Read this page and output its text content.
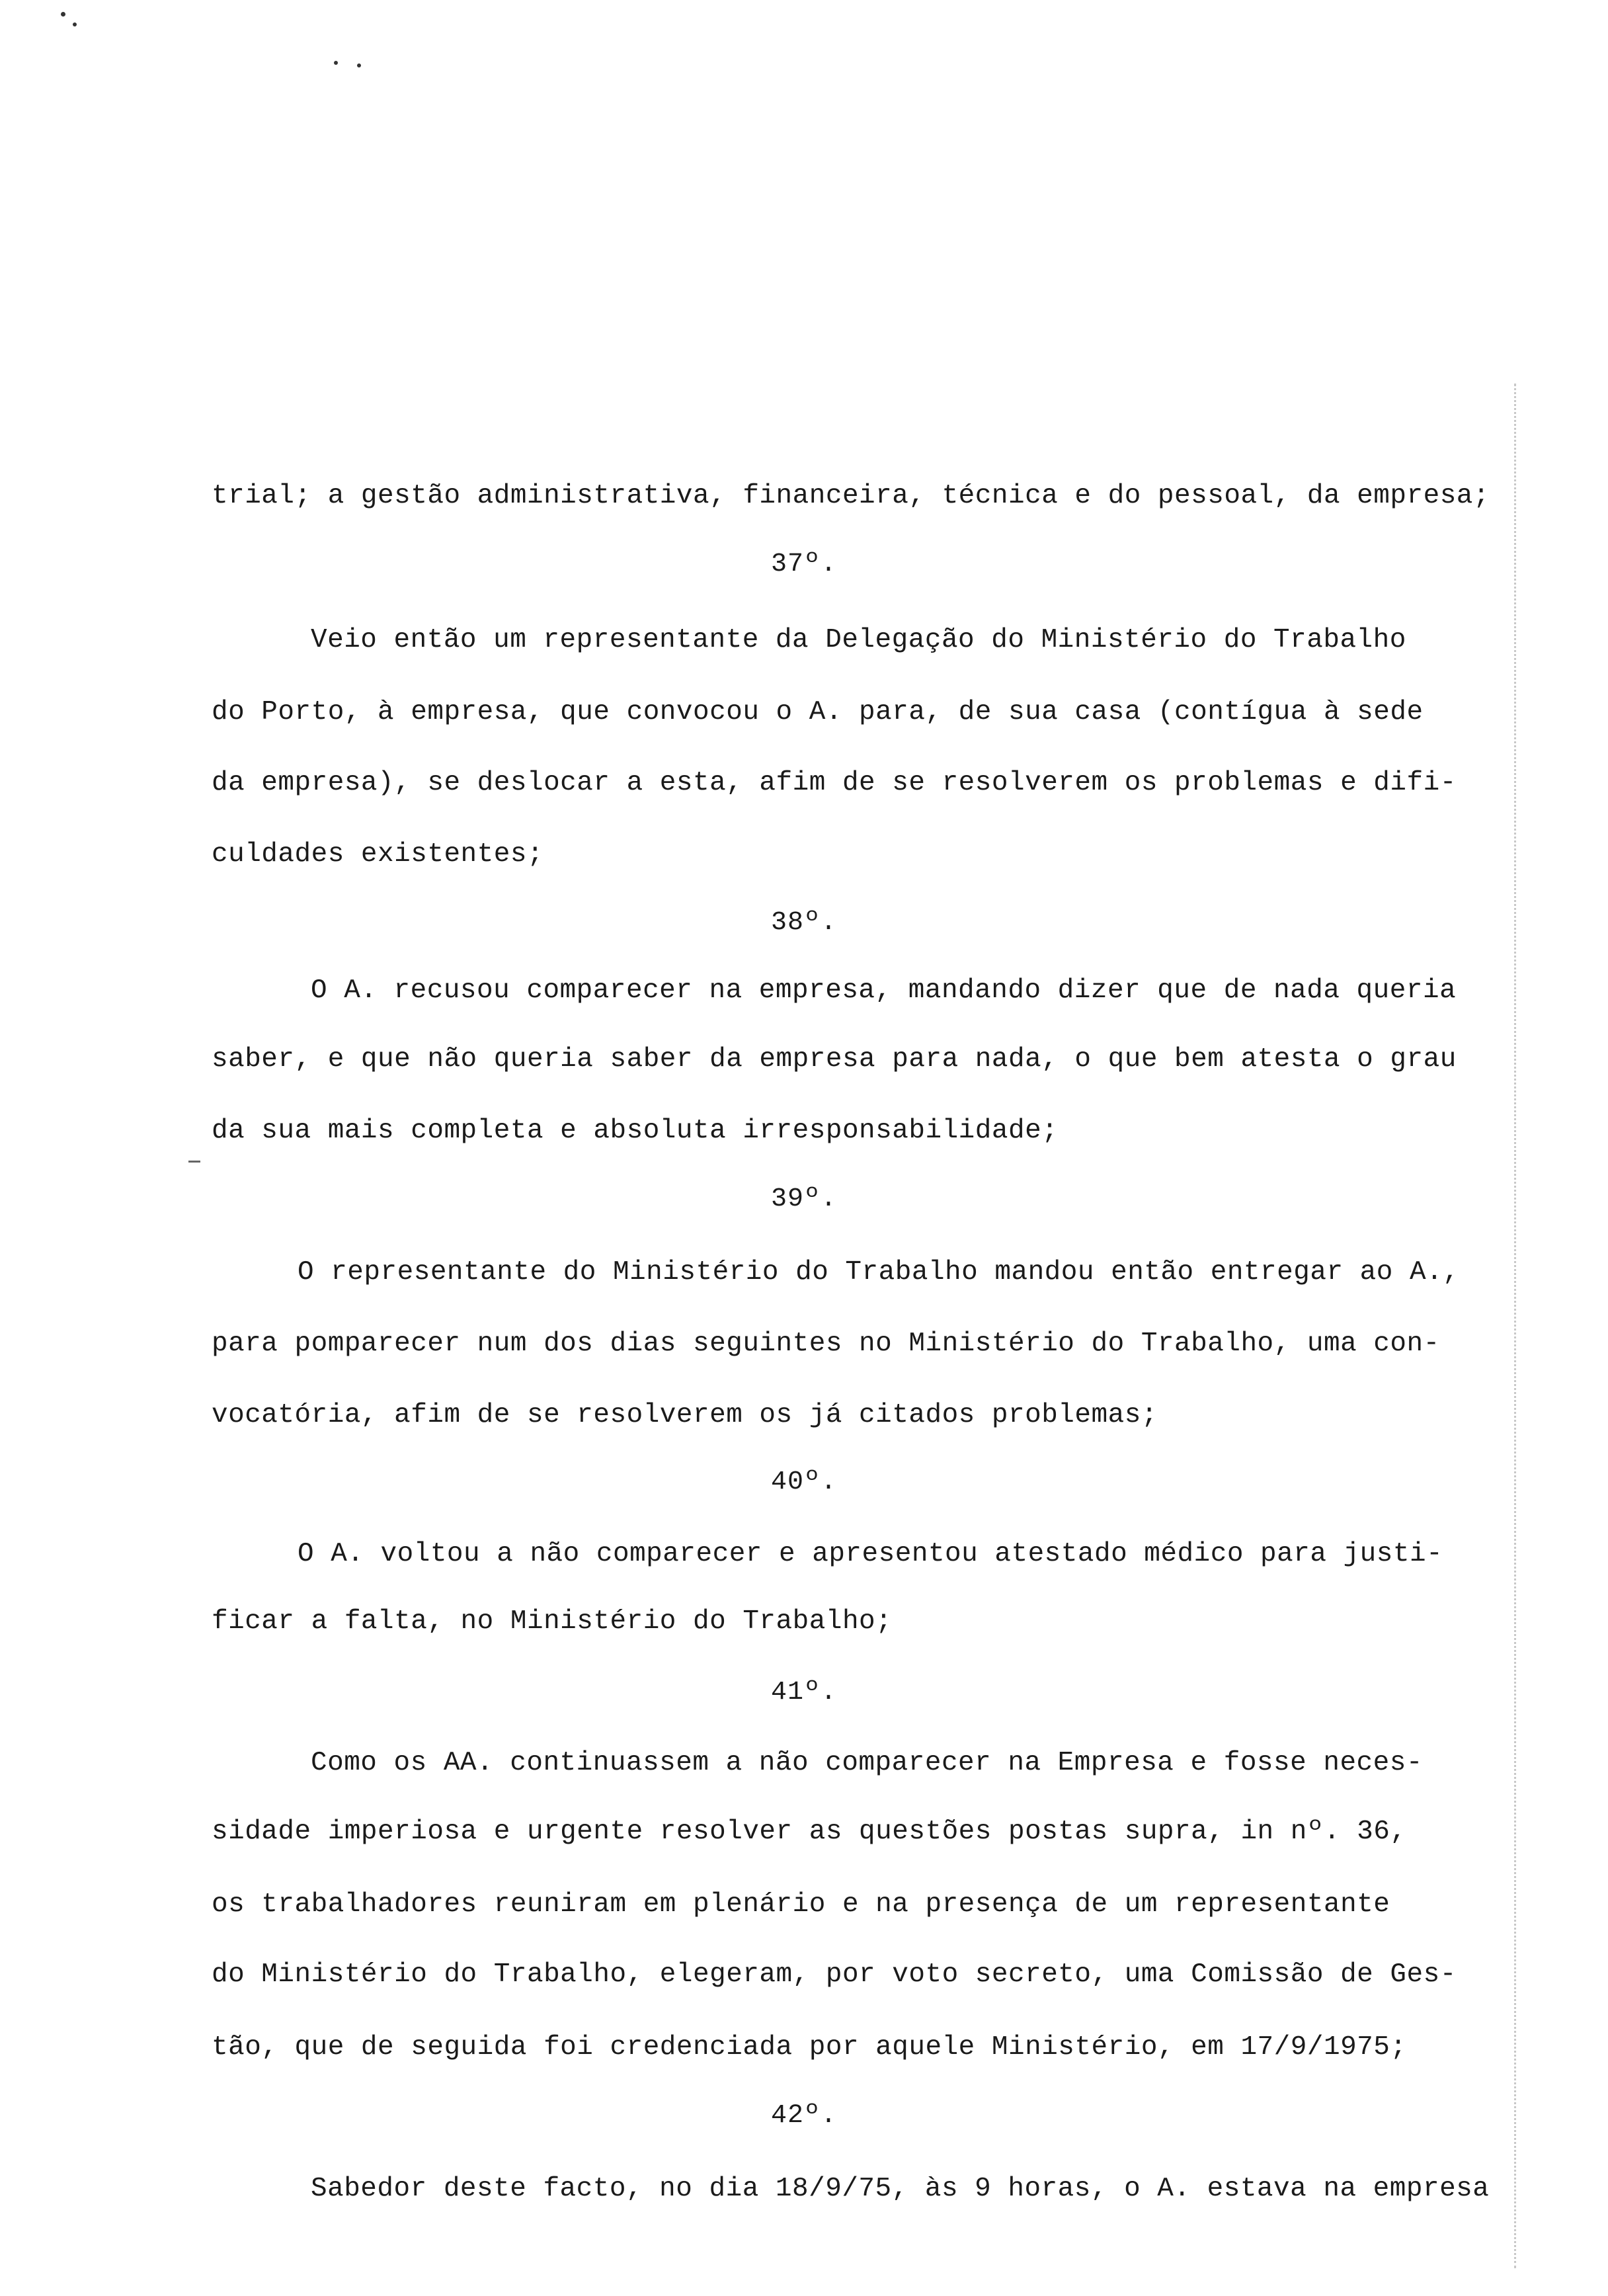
trial; a gestão administrativa, financeira, técnica e do pessoal, da empresa;
37º.
Veio então um representante da Delegação do Ministério do Trabalho
do Porto, à empresa, que convocou o A. para, de sua casa (contígua à sede
da empresa), se deslocar a esta, afim de se resolverem os problemas e difi-
culdades existentes;
38º.
O A. recusou comparecer na empresa, mandando dizer que de nada queria
saber, e que não queria saber da empresa para nada, o que bem atesta o grau
da sua mais completa e absoluta irresponsabilidade;
39º.
O representante do Ministério do Trabalho mandou então entregar ao A.,
para pomparecer num dos dias seguintes no Ministério do Trabalho, uma con-
vocatória, afim de se resolverem os já citados problemas;
40º.
O A. voltou a não comparecer e apresentou atestado médico para justi-
ficar a falta, no Ministério do Trabalho;
41º.
Como os AA. continuassem a não comparecer na Empresa e fosse neces-
sidade imperiosa e urgente resolver as questões postas supra, in nº. 36,
os trabalhadores reuniram em plenário e na presença de um representante
do Ministério do Trabalho, elegeram, por voto secreto, uma Comissão de Ges-
tão, que de seguida foi credenciada por aquele Ministério, em 17/9/1975;
42º.
Sabedor deste facto, no dia 18/9/75, às 9 horas, o A. estava na empresa
